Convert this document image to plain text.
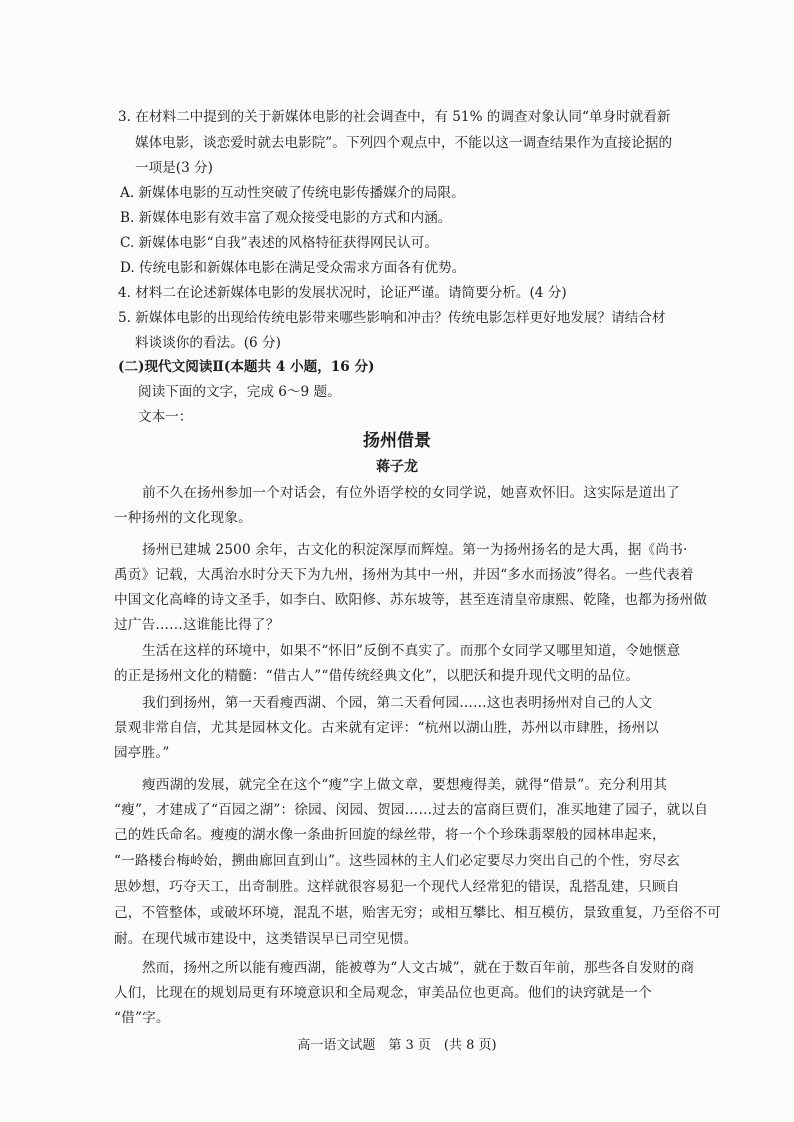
3. 在材料二中提到的关于新媒体电影的社会调查中，有 51% 的调查对象认同“单身时就看新
媒体电影，谈恋爱时就去电影院”。下列四个观点中，不能以这一调查结果作为直接论据的
一项是(3 分)
A. 新媒体电影的互动性突破了传统电影传播媒介的局限。
B. 新媒体电影有效丰富了观众接受电影的方式和内涵。
C. 新媒体电影“自我”表述的风格特征获得网民认可。
D. 传统电影和新媒体电影在满足受众需求方面各有优势。
4. 材料二在论述新媒体电影的发展状况时，论证严谨。请简要分析。(4 分)
5. 新媒体电影的出现给传统电影带来哪些影响和冲击？传统电影怎样更好地发展？请结合材
料谈谈你的看法。(6 分)
(二)现代文阅读Ⅱ(本题共 4 小题，16 分)
阅读下面的文字，完成 6～9 题。
文本一：
扬州借景
蒋子龙
前不久在扬州参加一个对话会，有位外语学校的女同学说，她喜欢怀旧。这实际是道出了
一种扬州的文化现象。
扬州已建城 2500 余年，古文化的积淀深厚而辉煌。第一为扬州扬名的是大禹，据《尚书·
禹贡》记载，大禹治水时分天下为九州，扬州为其中一州，并因“多水而扬波”得名。一些代表着
中国文化高峰的诗文圣手，如李白、欧阳修、苏东坡等，甚至连清皇帝康熙、乾隆，也都为扬州做
过广告……这谁能比得了？
生活在这样的环境中，如果不“怀旧”反倒不真实了。而那个女同学又哪里知道，令她惬意
的正是扬州文化的精髓：“借古人”“借传统经典文化”，以肥沃和提升现代文明的品位。
我们到扬州，第一天看瘦西湖、个园，第二天看何园……这也表明扬州对自己的人文
景观非常自信，尤其是园林文化。古来就有定评：“杭州以湖山胜，苏州以市肆胜，扬州以
园亭胜。”
瘦西湖的发展，就完全在这个“瘦”字上做文章，要想瘦得美，就得“借景”。充分利用其
“瘦”，才建成了“百园之湖”：徐园、闵园、贺园……过去的富商巨贾们，准买地建了园子，就以自
己的姓氏命名。瘦瘦的湖水像一条曲折回旋的绿丝带，将一个个珍珠翡翠般的园林串起来，
“一路楼台梅岭始，搠曲廊回直到山”。这些园林的主人们必定要尽力突出自己的个性，穷尽玄
思妙想，巧夺天工，出奇制胜。这样就很容易犯一个现代人经常犯的错误，乱搭乱建，只顾自
己，不管整体，或破坏环境，混乱不堪，贻害无穷；或相互攀比、相互模仿，景致重复，乃至俗不可
耐。在现代城市建设中，这类错误早已司空见惯。
然而，扬州之所以能有瘦西湖，能被尊为“人文古城”，就在于数百年前，那些各自发财的商
人们，比现在的规划局更有环境意识和全局观念，审美品位也更高。他们的诀窍就是一个
“借”字。
高一语文试题　第 3 页　(共 8 页)
